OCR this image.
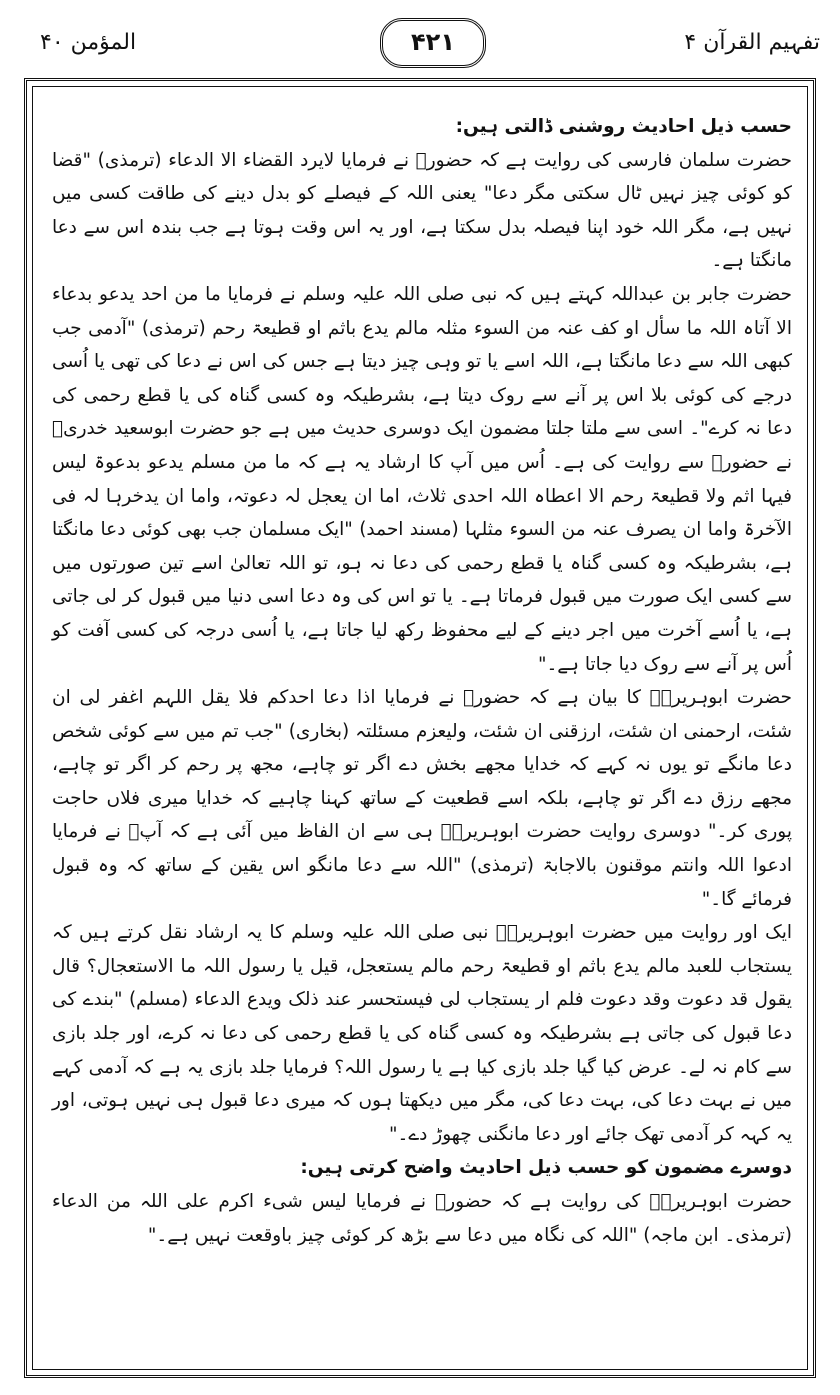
المؤمن ۴۰	۴۲۱	تفہیم القرآن ۴

حسب ذیل احادیث روشنی ڈالتی ہیں:

حضرت سلمان فارسی کی روایت ہے کہ حضورؐ نے فرمایا لایرد القضاء الا الدعاء (ترمذی) "قضا کو کوئی چیز نہیں ٹال سکتی مگر دعا" یعنی اللہ کے فیصلے کو بدل دینے کی طاقت کسی میں نہیں ہے، مگر اللہ خود اپنا فیصلہ بدل سکتا ہے، اور یہ اس وقت ہوتا ہے جب بندہ اس سے دعا مانگتا ہے۔

حضرت جابر بن عبداللہ کہتے ہیں کہ نبی صلی اللہ علیہ وسلم نے فرمایا ما من احد یدعو بدعاء الا آتاہ اللہ ما سأل او کف عنہ من السوء مثلہ مالم یدع باثم او قطیعۃ رحم (ترمذی) "آدمی جب کبھی اللہ سے دعا مانگتا ہے، اللہ اسے یا تو وہی چیز دیتا ہے جس کی اس نے دعا کی تھی یا اُسی درجے کی کوئی بلا اس پر آنے سے روک دیتا ہے، بشرطیکہ وہ کسی گناہ کی یا قطع رحمی کی دعا نہ کرے"۔ اسی سے ملتا جلتا مضمون ایک دوسری حدیث میں ہے جو حضرت ابوسعید خدریؓ نے حضورؐ سے روایت کی ہے۔ اُس میں آپ کا ارشاد یہ ہے کہ ما من مسلم یدعو بدعوۃ لیس فیہا اثم ولا قطیعۃ رحم الا اعطاہ اللہ احدی ثلاث، اما ان یعجل لہ دعوتہ، واما ان یدخرہا لہ فی الآخرۃ واما ان یصرف عنہ من السوء مثلہا (مسند احمد) "ایک مسلمان جب بھی کوئی دعا مانگتا ہے، بشرطیکہ وہ کسی گناہ یا قطع رحمی کی دعا نہ ہو، تو اللہ تعالیٰ اسے تین صورتوں میں سے کسی ایک صورت میں قبول فرماتا ہے۔ یا تو اس کی وہ دعا اسی دنیا میں قبول کر لی جاتی ہے، یا اُسے آخرت میں اجر دینے کے لیے محفوظ رکھ لیا جاتا ہے، یا اُسی درجہ کی کسی آفت کو اُس پر آنے سے روک دیا جاتا ہے۔"

حضرت ابوہریرہؓ کا بیان ہے کہ حضورؐ نے فرمایا اذا دعا احدکم فلا یقل اللہم اغفر لی ان شئت، ارحمنی ان شئت، ارزقنی ان شئت، ولیعزم مسئلتہ (بخاری) "جب تم میں سے کوئی شخص دعا مانگے تو یوں نہ کہے کہ خدایا مجھے بخش دے اگر تو چاہے، مجھ پر رحم کر اگر تو چاہے، مجھے رزق دے اگر تو چاہے، بلکہ اسے قطعیت کے ساتھ کہنا چاہیے کہ خدایا میری فلاں حاجت پوری کر۔" دوسری روایت حضرت ابوہریرہؓ ہی سے ان الفاظ میں آئی ہے کہ آپؐ نے فرمایا ادعوا اللہ وانتم موقنون بالاجابۃ (ترمذی) "اللہ سے دعا مانگو اس یقین کے ساتھ کہ وہ قبول فرمائے گا۔"

ایک اور روایت میں حضرت ابوہریرہؓ نبی صلی اللہ علیہ وسلم کا یہ ارشاد نقل کرتے ہیں کہ یستجاب للعبد مالم یدع باثم او قطیعۃ رحم مالم یستعجل، قیل یا رسول اللہ ما الاستعجال؟ قال یقول قد دعوت وقد دعوت فلم ار یستجاب لی فیستحسر عند ذلک ویدع الدعاء (مسلم) "بندے کی دعا قبول کی جاتی ہے بشرطیکہ وہ کسی گناہ کی یا قطع رحمی کی دعا نہ کرے، اور جلد بازی سے کام نہ لے۔ عرض کیا گیا جلد بازی کیا ہے یا رسول اللہ؟ فرمایا جلد بازی یہ ہے کہ آدمی کہے میں نے بہت دعا کی، بہت دعا کی، مگر میں دیکھتا ہوں کہ میری دعا قبول ہی نہیں ہوتی، اور یہ کہہ کر آدمی تھک جائے اور دعا مانگنی چھوڑ دے۔"

دوسرے مضمون کو حسب ذیل احادیث واضح کرتی ہیں:

حضرت ابوہریرہؓ کی روایت ہے کہ حضورؐ نے فرمایا لیس شیء اکرم علی اللہ من الدعاء (ترمذی۔ ابن ماجہ) "اللہ کی نگاہ میں دعا سے بڑھ کر کوئی چیز باوقعت نہیں ہے۔"
